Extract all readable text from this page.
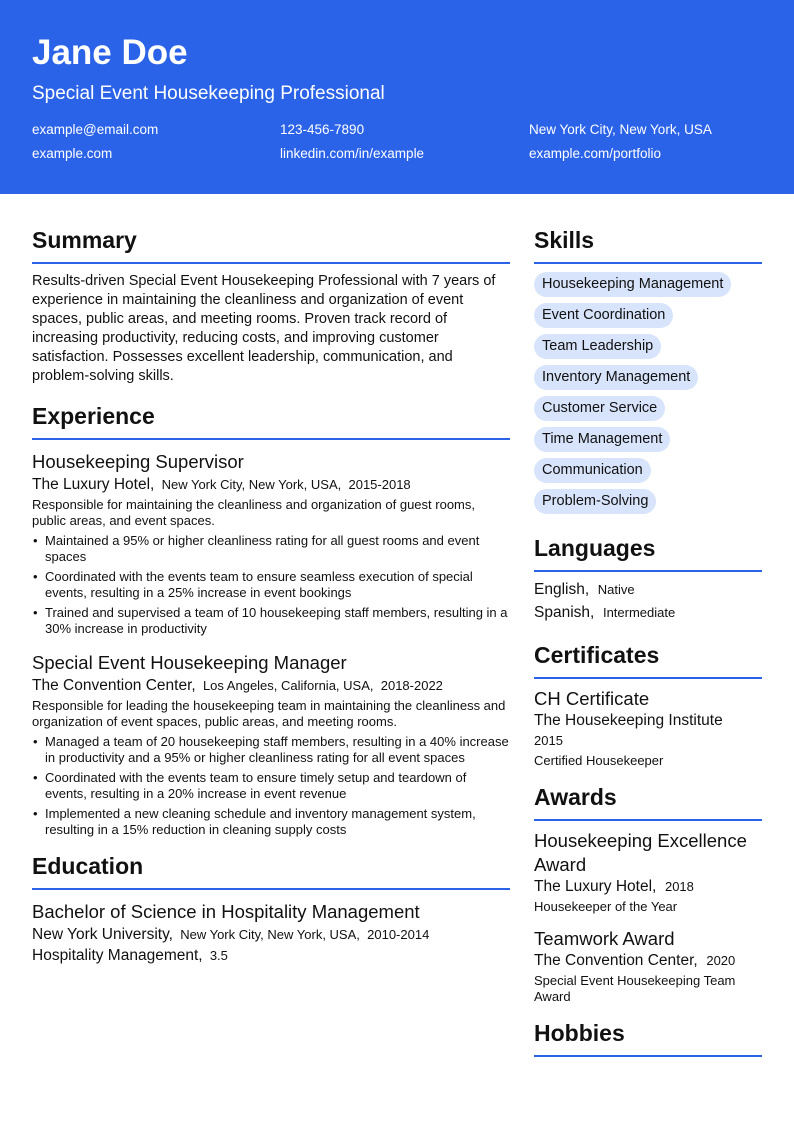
Jane Doe
Special Event Housekeeping Professional
example@email.com	123-456-7890	New York City, New York, USA
example.com	linkedin.com/in/example	example.com/portfolio
Summary
Results-driven Special Event Housekeeping Professional with 7 years of experience in maintaining the cleanliness and organization of event spaces, public areas, and meeting rooms. Proven track record of increasing productivity, reducing costs, and improving customer satisfaction. Possesses excellent leadership, communication, and problem-solving skills.
Experience
Housekeeping Supervisor
The Luxury Hotel, New York City, New York, USA, 2015-2018
Responsible for maintaining the cleanliness and organization of guest rooms, public areas, and event spaces.
• Maintained a 95% or higher cleanliness rating for all guest rooms and event spaces
• Coordinated with the events team to ensure seamless execution of special events, resulting in a 25% increase in event bookings
• Trained and supervised a team of 10 housekeeping staff members, resulting in a 30% increase in productivity
Special Event Housekeeping Manager
The Convention Center, Los Angeles, California, USA, 2018-2022
Responsible for leading the housekeeping team in maintaining the cleanliness and organization of event spaces, public areas, and meeting rooms.
• Managed a team of 20 housekeeping staff members, resulting in a 40% increase in productivity and a 95% or higher cleanliness rating for all event spaces
• Coordinated with the events team to ensure timely setup and teardown of events, resulting in a 20% increase in event revenue
• Implemented a new cleaning schedule and inventory management system, resulting in a 15% reduction in cleaning supply costs
Education
Bachelor of Science in Hospitality Management
New York University, New York City, New York, USA, 2010-2014
Hospitality Management, 3.5
Skills
Housekeeping Management
Event Coordination
Team Leadership
Inventory Management
Customer Service
Time Management
Communication
Problem-Solving
Languages
English, Native
Spanish, Intermediate
Certificates
CH Certificate
The Housekeeping Institute
2015
Certified Housekeeper
Awards
Housekeeping Excellence Award
The Luxury Hotel, 2018
Housekeeper of the Year
Teamwork Award
The Convention Center, 2020
Special Event Housekeeping Team Award
Hobbies
